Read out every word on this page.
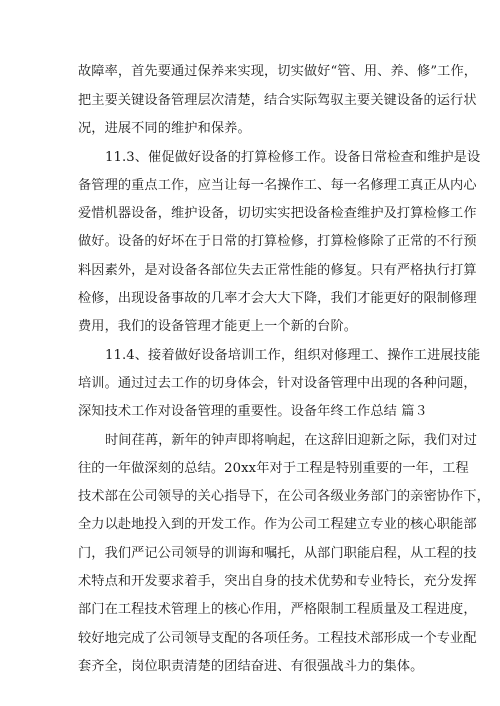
故障率，首先要通过保养来实现，切实做好“管、用、养、修”工作，
把主要关键设备管理层次清楚，结合实际驾驭主要关键设备的运行状
况，进展不同的维护和保养。
11.3、催促做好设备的打算检修工作。设备日常检查和维护是设
备管理的重点工作，应当让每一名操作工、每一名修理工真正从内心
爱惜机器设备，维护设备，切切实实把设备检查维护及打算检修工作
做好。设备的好坏在于日常的打算检修，打算检修除了正常的不行预
料因素外，是对设备各部位失去正常性能的修复。只有严格执行打算
检修，出现设备事故的几率才会大大下降，我们才能更好的限制修理
费用，我们的设备管理才能更上一个新的台阶。
11.4、接着做好设备培训工作，组织对修理工、操作工进展技能
培训。通过过去工作的切身体会，针对设备管理中出现的各种问题，
深知技术工作对设备管理的重要性。设备年终工作总结 篇３
时间荏苒，新年的钟声即将响起，在这辞旧迎新之际，我们对过
往的一年做深刻的总结。20xx年对于工程是特别重要的一年，工程
技术部在公司领导的关心指导下，在公司各级业务部门的亲密协作下，
全力以赴地投入到的开发工作。作为公司工程建立专业的核心职能部
门，我们严记公司领导的训诲和嘱托，从部门职能启程，从工程的技
术特点和开发要求着手，突出自身的技术优势和专业特长，充分发挥
部门在工程技术管理上的核心作用，严格限制工程质量及工程进度，
较好地完成了公司领导支配的各项任务。工程技术部形成一个专业配
套齐全，岗位职责清楚的团结奋进、有很强战斗力的集体。
